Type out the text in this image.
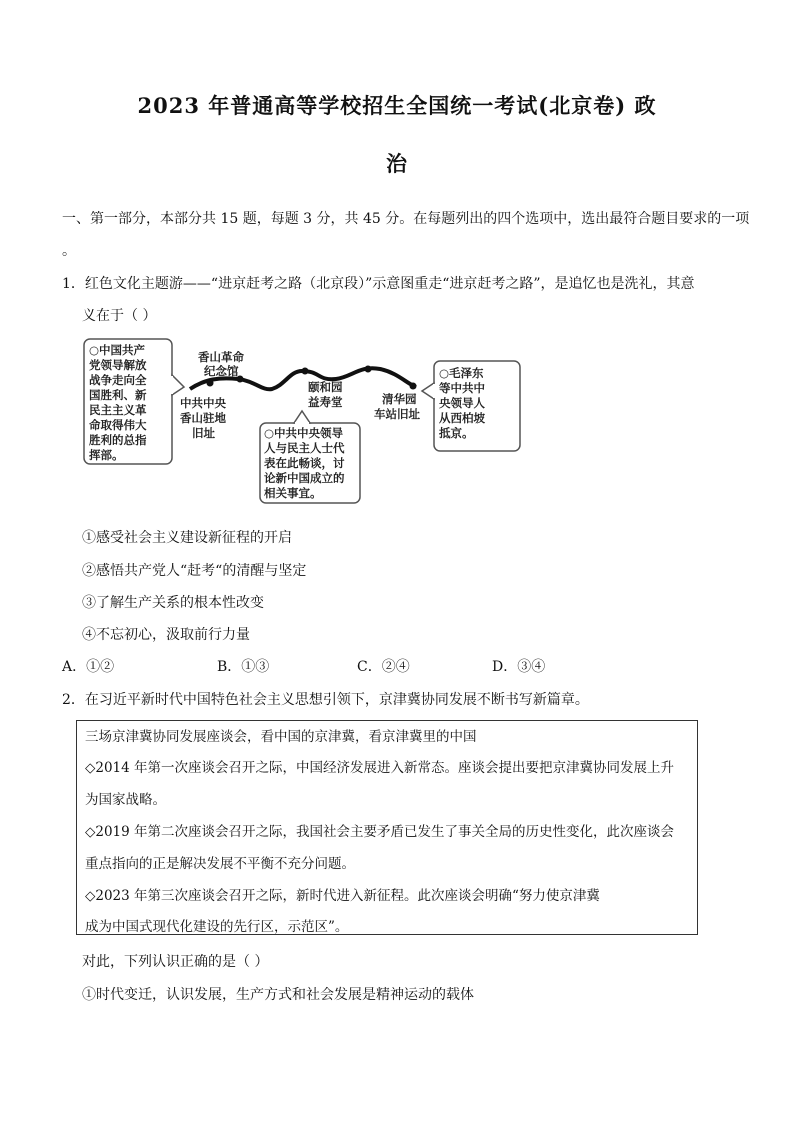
2023 年普通高等学校招生全国统一考试(北京卷) 政
治
一、第一部分，本部分共 15 题，每题 3 分，共 45 分。在每题列出的四个选项中，选出最符合题目要求的一项
。
1．红色文化主题游——“进京赶考之路（北京段）”示意图重走“进京赶考之路”，是追忆也是洗礼，其意
义在于（ ）
○中国共产 党领导解放 战争走向全 国胜利、新 民主主义革 命取得伟大 胜利的总指 挥部。
香山革命 纪念馆
中共中央 香山驻地 旧址
颐和园 益寿堂	清华园 车站旧址
○中共中央领导 人与民主人士代 表在此畅谈，讨 论新中国成立的 相关事宜。
○毛泽东 等中共中 央领导人 从西柏坡 抵京。
①感受社会主义建设新征程的开启
②感悟共产党人“赶考“的清醒与坚定
③了解生产关系的根本性改变
④不忘初心，汲取前行力量
A．①②	B．①③	C．②④	D．③④
2．在习近平新时代中国特色社会主义思想引领下，京津冀协同发展不断书写新篇章。
三场京津冀协同发展座谈会，看中国的京津冀，看京津冀里的中国
◇2014 年第一次座谈会召开之际，中国经济发展进入新常态。座谈会提出要把京津冀协同发展上升
为国家战略。
◇2019 年第二次座谈会召开之际，我国社会主要矛盾已发生了事关全局的历史性变化，此次座谈会
重点指向的正是解决发展不平衡不充分问题。
◇2023 年第三次座谈会召开之际，新时代进入新征程。此次座谈会明确“努力使京津冀
成为中国式现代化建设的先行区，示范区”。
对此，下列认识正确的是（ ）
①时代变迁，认识发展，生产方式和社会发展是精神运动的载体
